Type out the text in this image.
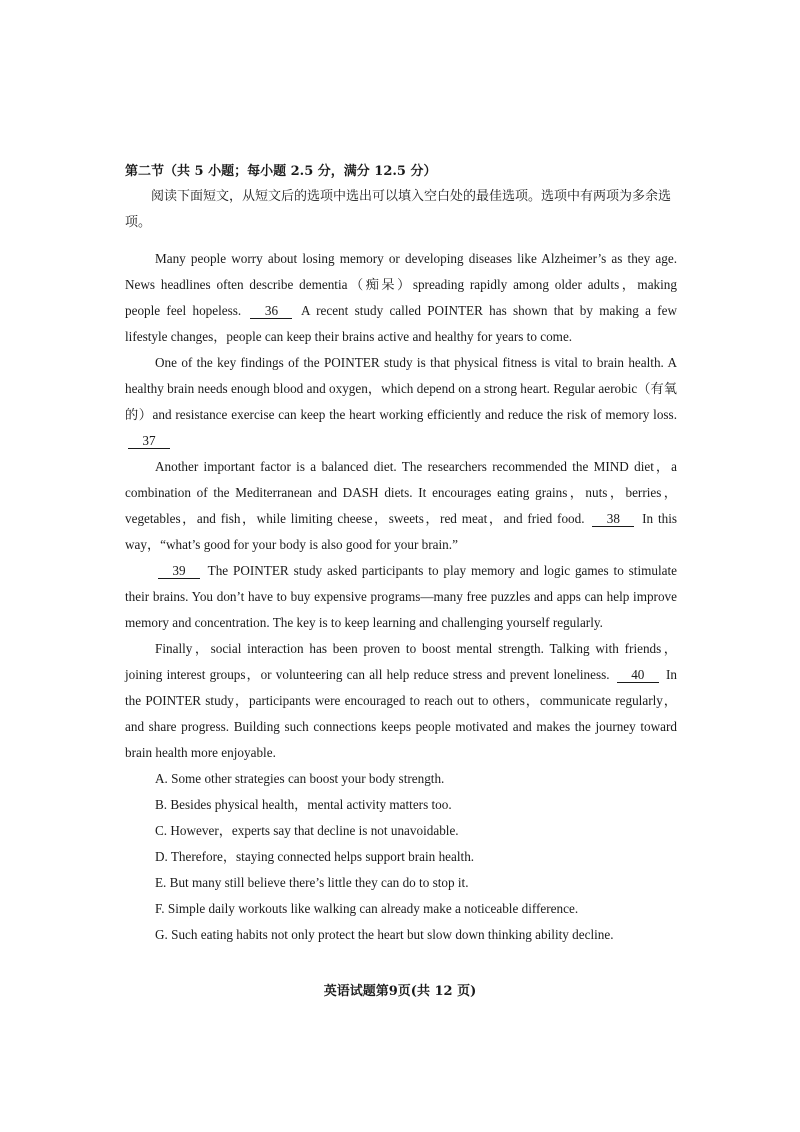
第二节（共 5 小题；每小题 2.5 分，满分 12.5 分）

阅读下面短文，从短文后的选项中选出可以填入空白处的最佳选项。选项中有两项为多余选项。

Many people worry about losing memory or developing diseases like Alzheimer’s as they age. News headlines often describe dementia（痴呆）spreading rapidly among older adults，making people feel hopeless. 36 A recent study called POINTER has shown that by making a few lifestyle changes，people can keep their brains active and healthy for years to come.

One of the key findings of the POINTER study is that physical fitness is vital to brain health. A healthy brain needs enough blood and oxygen，which depend on a strong heart. Regular aerobic（有氧的）and resistance exercise can keep the heart working efficiently and reduce the risk of memory loss. 37

Another important factor is a balanced diet. The researchers recommended the MIND diet，a combination of the Mediterranean and DASH diets. It encourages eating grains，nuts，berries，vegetables，and fish，while limiting cheese，sweets，red meat，and fried food. 38 In this way，“what’s good for your body is also good for your brain.”

39 The POINTER study asked participants to play memory and logic games to stimulate their brains. You don’t have to buy expensive programs—many free puzzles and apps can help improve memory and concentration. The key is to keep learning and challenging yourself regularly.

Finally，social interaction has been proven to boost mental strength. Talking with friends，joining interest groups，or volunteering can all help reduce stress and prevent loneliness. 40 In the POINTER study，participants were encouraged to reach out to others，communicate regularly，and share progress. Building such connections keeps people motivated and makes the journey toward brain health more enjoyable.

A. Some other strategies can boost your body strength.
B. Besides physical health，mental activity matters too.
C. However，experts say that decline is not unavoidable.
D. Therefore，staying connected helps support brain health.
E. But many still believe there’s little they can do to stop it.
F. Simple daily workouts like walking can already make a noticeable difference.
G. Such eating habits not only protect the heart but slow down thinking ability decline.
英语试题第9页(共 12 页)
